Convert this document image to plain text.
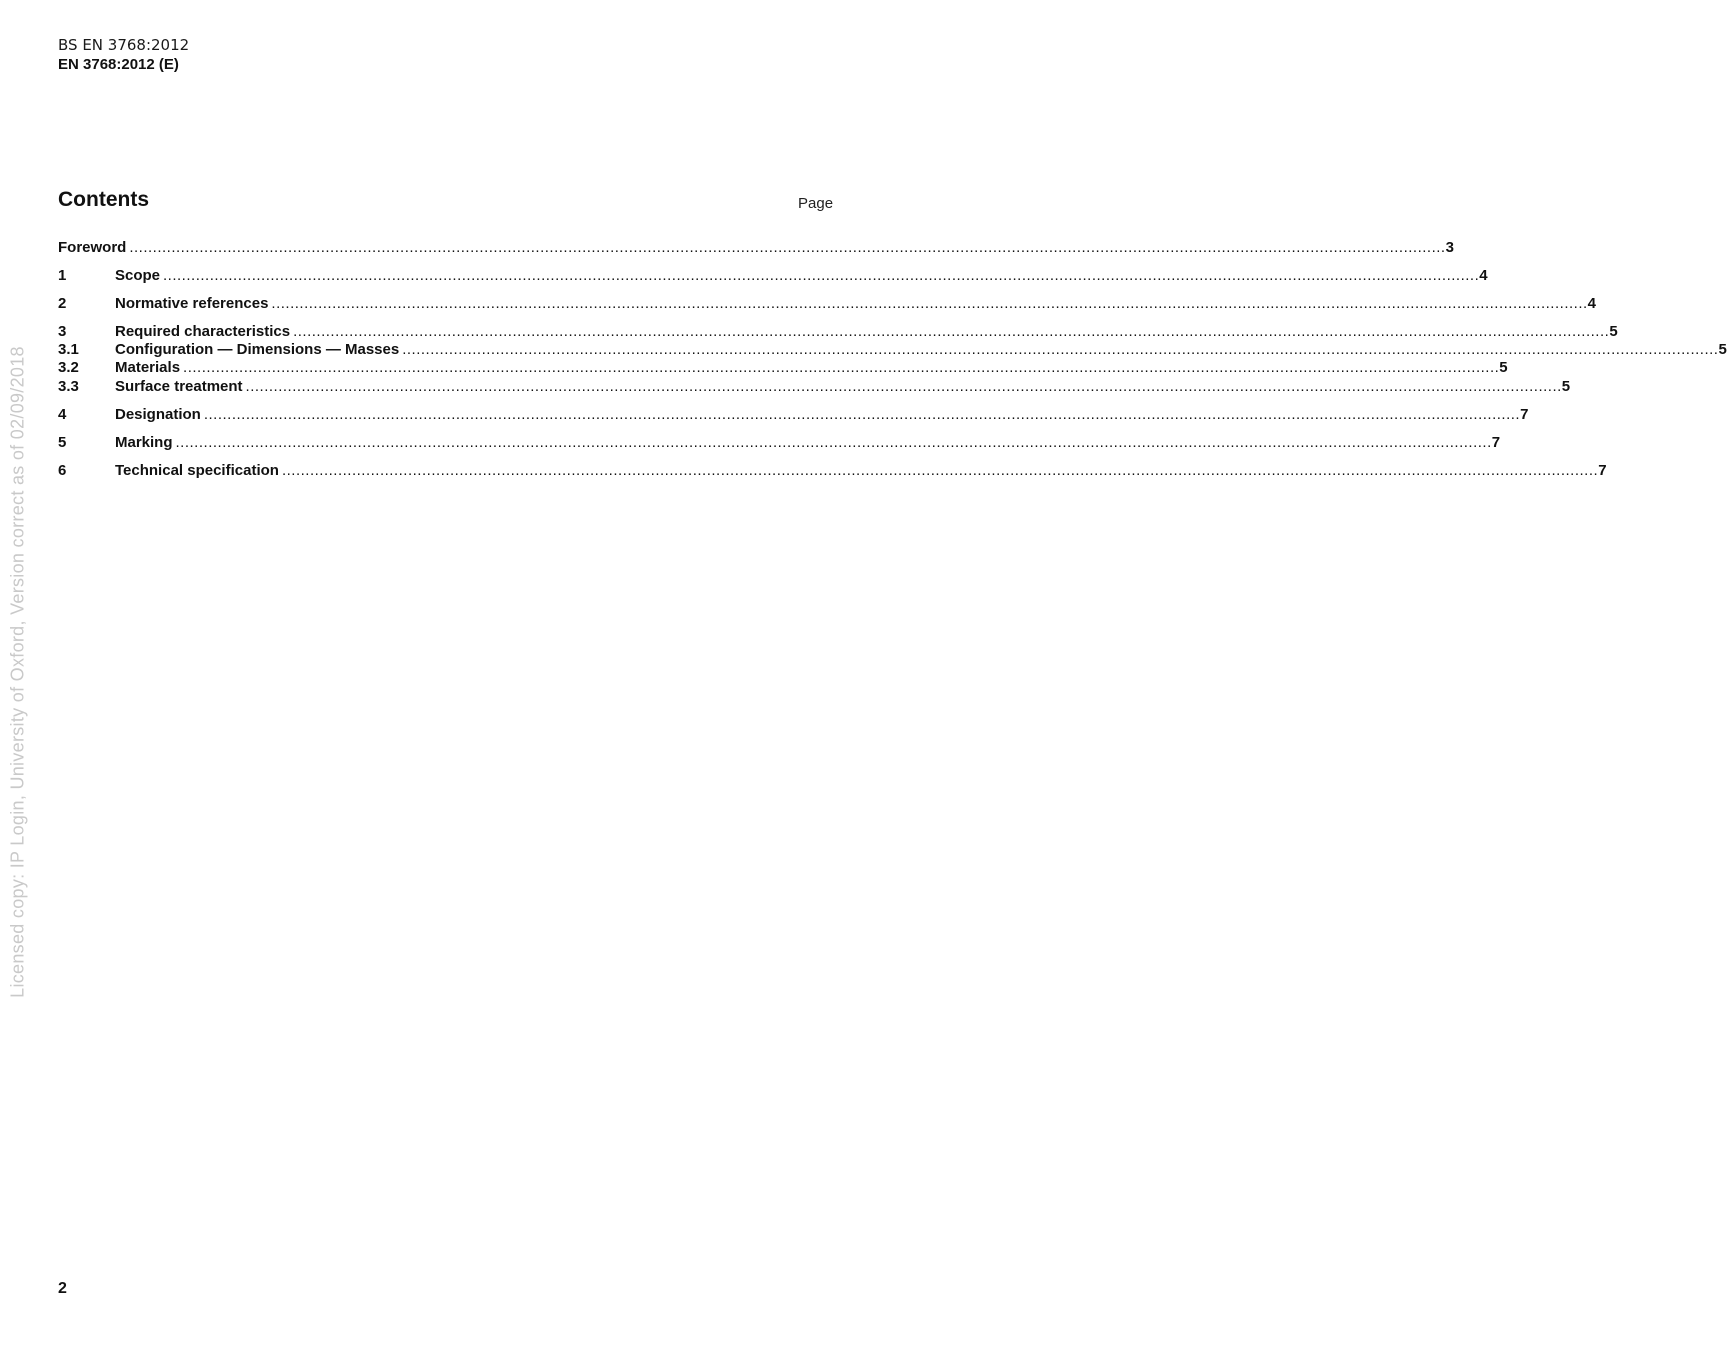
BS EN 3768:2012
EN 3768:2012 (E)
Contents	Page
Foreword .......................................................................................................................................................................................................................................................................................... 3
1	Scope .......................................................................................................................................................................................................................................................................................... 4
2	Normative references .......................................................................................................................................................................................................................................................................................... 4
3	Required characteristics .......................................................................................................................................................................................................................................................................................... 5
3.1	Configuration — Dimensions — Masses .......................................................................................................................................................................................................................................................................................... 5
3.2	Materials .......................................................................................................................................................................................................................................................................................... 5
3.3	Surface treatment .......................................................................................................................................................................................................................................................................................... 5
4	Designation .......................................................................................................................................................................................................................................................................................... 7
5	Marking .......................................................................................................................................................................................................................................................................................... 7
6	Technical specification .......................................................................................................................................................................................................................................................................................... 7
Licensed copy: IP Login, University of Oxford, Version correct as of 02/09/2018
2
